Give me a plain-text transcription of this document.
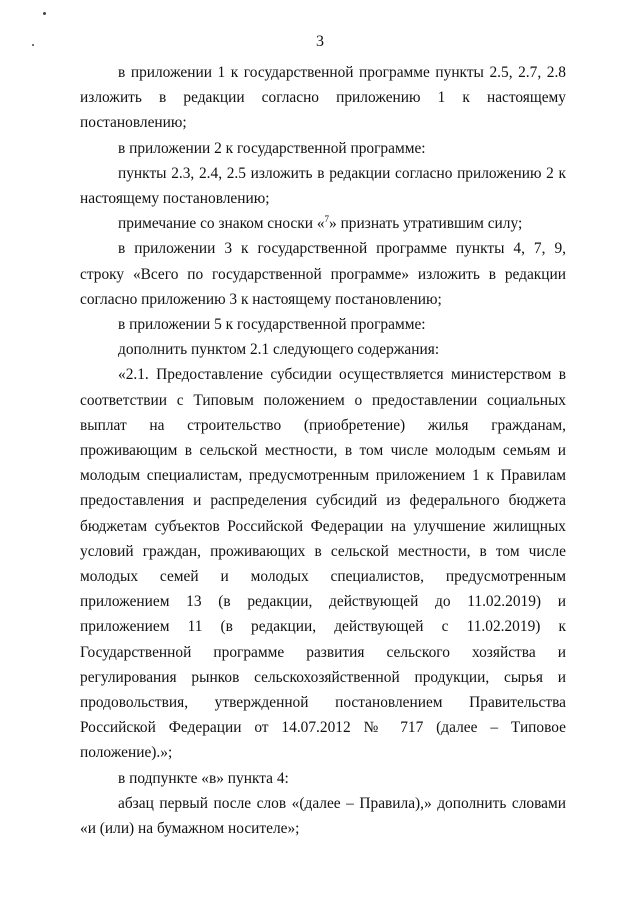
3

в приложении 1 к государственной программе пункты 2.5, 2.7, 2.8 изложить в редакции согласно приложению 1 к настоящему постановлению;

в приложении 2 к государственной программе:

пункты 2.3, 2.4, 2.5 изложить в редакции согласно приложению 2 к настоящему постановлению;

примечание со знаком сноски «$^7$» признать утратившим силу;

в приложении 3 к государственной программе пункты 4, 7, 9, строку «Всего по государственной программе» изложить в редакции согласно приложению 3 к настоящему постановлению;

в приложении 5 к государственной программе:

дополнить пунктом 2.1 следующего содержания:

«2.1. Предоставление субсидии осуществляется министерством в соответствии с Типовым положением о предоставлении социальных выплат на строительство (приобретение) жилья гражданам, проживающим в сельской местности, в том числе молодым семьям и молодым специалистам, предусмотренным приложением 1 к Правилам предоставления и распределения субсидий из федерального бюджета бюджетам субъектов Российской Федерации на улучшение жилищных условий граждан, проживающих в сельской местности, в том числе молодых семей и молодых специалистов, предусмотренным приложением 13 (в редакции, действующей до 11.02.2019) и приложением 11 (в редакции, действующей с 11.02.2019) к Государственной программе развития сельского хозяйства и регулирования рынков сельскохозяйственной продукции, сырья и продовольствия, утвержденной постановлением Правительства Российской Федерации от 14.07.2012 № 717 (далее – Типовое положение).»;

в подпункте «в» пункта 4:

абзац первый после слов «(далее – Правила),» дополнить словами «и (или) на бумажном носителе»;
